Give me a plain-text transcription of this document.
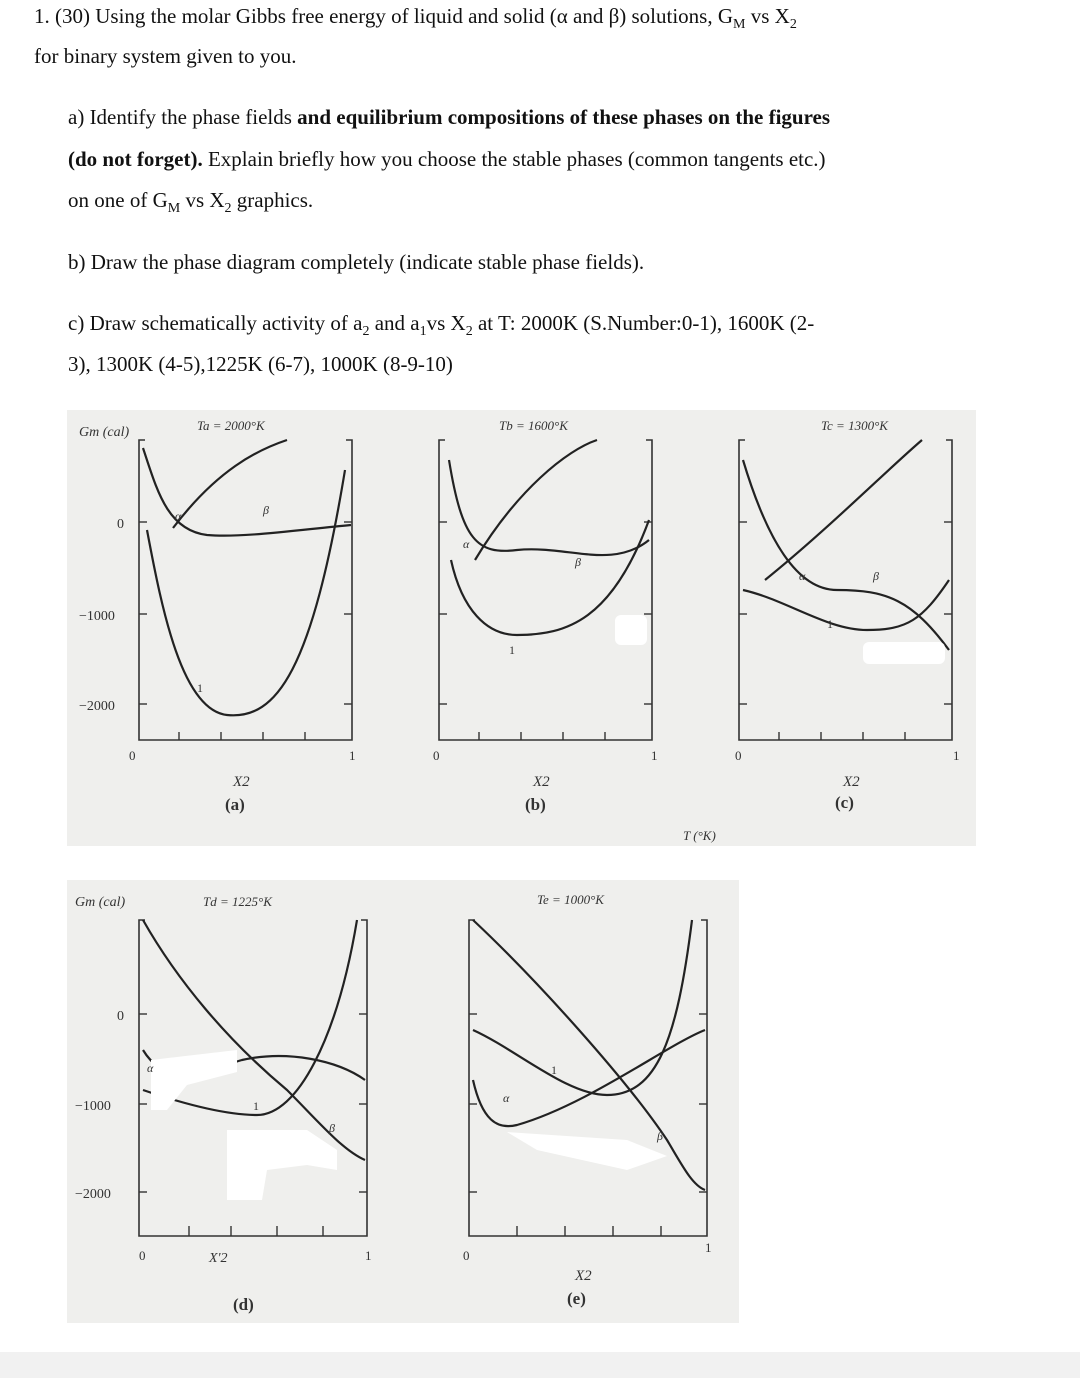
1. (30) Using the molar Gibbs free energy of liquid and solid (α and β) solutions, $G_M$ vs $X_2$
for binary system given to you.
a) Identify the phase fields and equilibrium compositions of these phases on the figures
(do not forget). Explain briefly how you choose the stable phases (common tangents etc.)
on one of $G_M$ vs $X_2$ graphics.
b) Draw the phase diagram completely (indicate stable phase fields).
c) Draw schematically activity of $a_2$ and $a_1vs$ $X_2$ at T: 2000K (S.Number:0-1), 1600K (2-
3), 1300K (4-5),1225K (6-7), 1000K (8-9-10)
Gm (cal)	Ta = 2000°K
0
−1000
−2000
α	β
1
0	1
X2
(a)
Tb = 1600°K
α
β
1
0	1
X2
(b)
Tc = 1300°K
α	β
1
0	1
X2
(c)
T (°K)
Gm (cal)	Td = 1225°K
0
−1000
−2000
α
β
1
0	1
X'2
(d)
Te = 1000°K
α
β
1
0
1
X2
(e)
